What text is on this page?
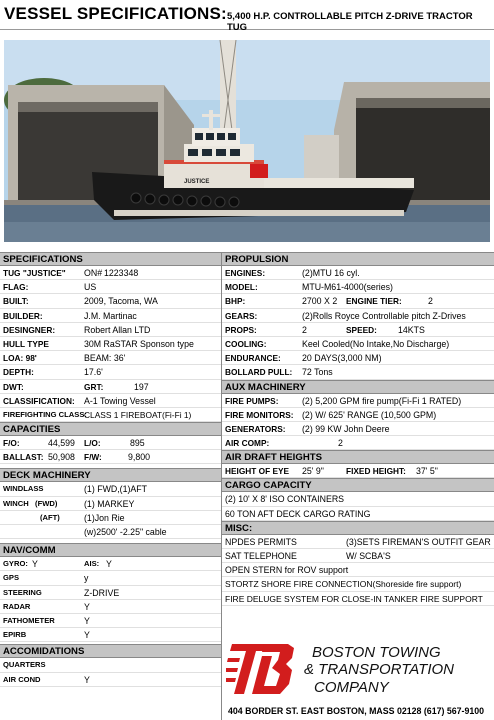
VESSEL SPECIFICATIONS: 5,400 H.P. CONTROLLABLE PITCH Z-DRIVE TRACTOR TUG
JUSTICE
SPECIFICATIONS
TUG "JUSTICE" ON# 1223348
FLAG:	US
BUILT:	2009, Tacoma, WA
BUILDER:	J.M. Martinac
DESINGNER:	Robert Allan LTD
HULL TYPE	30M RaSTAR Sponson type
LOA: 98'	BEAM: 36'
DEPTH:	17.6'
DWT:	GRT:	197
CLASSIFICATION: A-1 Towing Vessel
FIREFIGHTING CLASS:
CLASS 1 FIREBOAT(Fi-Fi 1)
CAPACITIES
F/O:	44,599 L/O:	895
BALLAST: 50,908 F/W:	9,800
DECK MACHINERY
WINDLASS	(1) FWD,(1)AFT
WINCH   (FWD)	(1) MARKEY
(AFT)	(1)Jon Rie
(w)2500' -2.25" cable
NAV/COMM
GYRO: Y	AIS: Y
GPS	y
STEERING	Z-DRIVE
RADAR	Y
FATHOMETER	Y
EPIRB	Y
ACCOMIDATIONS
QUARTERS
AIR COND	Y
PROPULSION
ENGINES:	(2)MTU 16 cyl.
MODEL:	MTU-M61-4000(series)
BHP:	2700 X 2 ENGINE TIER:	2
GEARS:	(2)Rolls Royce Controllable pitch Z-Drives
PROPS:	2	SPEED: 14KTS
COOLING:	Keel Cooled(No Intake,No Discharge)
ENDURANCE: 20 DAYS(3,000 NM)
BOLLARD PULL: 72 Tons
AUX MACHINERY
FIRE PUMPS:	(2) 5,200 GPM fire pump(Fi-Fi 1 RATED)
FIRE MONITORS: (2) W/ 625' RANGE (10,500 GPM)
GENERATORS: (2) 99 KW John Deere
AIR COMP:	2
AIR DRAFT HEIGHTS
HEIGHT OF EYE 25' 9"	FIXED HEIGHT: 37' 5"
CARGO CAPACITY
(2) 10' X 8' ISO CONTAINERS
60 TON AFT DECK CARGO RATING
MISC:
NPDES PERMITS	(3)SETS FIREMAN'S OUTFIT GEAR
SAT TELEPHONE	W/ SCBA'S
OPEN STERN for ROV support
STORTZ SHORE FIRE CONNECTION(Shoreside fire support)
FIRE DELUGE SYSTEM FOR CLOSE-IN TANKER FIRE SUPPORT
BOSTON TOWING
& TRANSPORTATION
COMPANY
404 BORDER ST. EAST BOSTON, MASS 02128 (617) 567-9100
